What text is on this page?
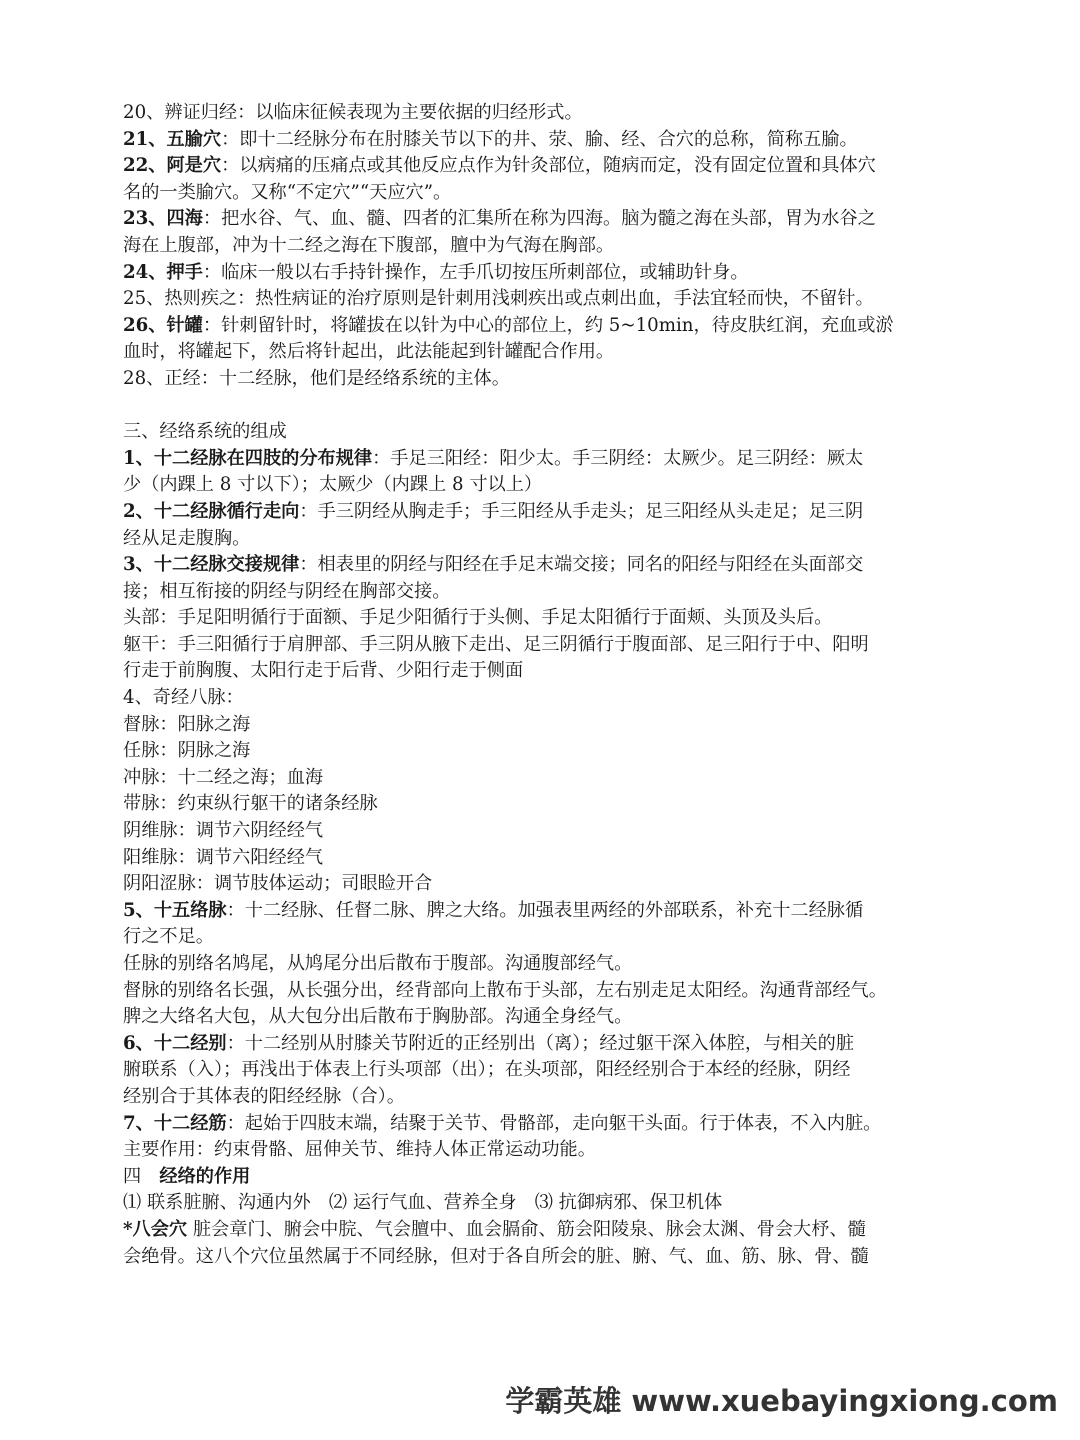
20、辨证归经：以临床征候表现为主要依据的归经形式。
21、五腧穴：即十二经脉分布在肘膝关节以下的井、荥、腧、经、合穴的总称，简称五腧。
22、阿是穴：以病痛的压痛点或其他反应点作为针灸部位，随病而定，没有固定位置和具体穴
名的一类腧穴。又称“不定穴”“天应穴”。
23、四海：把水谷、气、血、髓、四者的汇集所在称为四海。脑为髓之海在头部，胃为水谷之
海在上腹部，冲为十二经之海在下腹部，膻中为气海在胸部。
24、押手：临床一般以右手持针操作，左手爪切按压所刺部位，或辅助针身。
25、热则疾之：热性病证的治疗原则是针刺用浅刺疾出或点刺出血，手法宜轻而快，不留针。
26、针罐：针刺留针时，将罐拔在以针为中心的部位上，约 5~10min，待皮肤红润，充血或淤
血时，将罐起下，然后将针起出，此法能起到针罐配合作用。
28、正经：十二经脉，他们是经络系统的主体。
三、经络系统的组成
1、十二经脉在四肢的分布规律：手足三阳经：阳少太。手三阴经：太厥少。足三阴经：厥太
少（内踝上 8 寸以下）；太厥少（内踝上 8 寸以上）
2、十二经脉循行走向：手三阴经从胸走手；手三阳经从手走头；足三阳经从头走足；足三阴
经从足走腹胸。
3、十二经脉交接规律：相表里的阴经与阳经在手足末端交接；同名的阳经与阳经在头面部交
接；相互衔接的阴经与阴经在胸部交接。
头部：手足阳明循行于面额、手足少阳循行于头侧、手足太阳循行于面颊、头顶及头后。
躯干：手三阳循行于肩胛部、手三阴从腋下走出、足三阴循行于腹面部、足三阳行于中、阳明
行走于前胸腹、太阳行走于后背、少阳行走于侧面
4、奇经八脉：
督脉：阳脉之海
任脉：阴脉之海
冲脉：十二经之海；血海
带脉：约束纵行躯干的诸条经脉
阴维脉：调节六阴经经气
阳维脉：调节六阳经经气
阴阳涩脉：调节肢体运动；司眼睑开合
5、十五络脉：十二经脉、任督二脉、脾之大络。加强表里两经的外部联系，补充十二经脉循
行之不足。
任脉的别络名鸠尾，从鸠尾分出后散布于腹部。沟通腹部经气。
督脉的别络名长强，从长强分出，经背部向上散布于头部，左右别走足太阳经。沟通背部经气。
脾之大络名大包，从大包分出后散布于胸胁部。沟通全身经气。
6、十二经别：十二经别从肘膝关节附近的正经别出（离）；经过躯干深入体腔，与相关的脏
腑联系（入）；再浅出于体表上行头项部（出）；在头项部，阳经经别合于本经的经脉，阴经
经别合于其体表的阳经经脉（合）。
7、十二经筋：起始于四肢末端，结聚于关节、骨骼部，走向躯干头面。行于体表，不入内脏。
主要作用：约束骨骼、屈伸关节、维持人体正常运动功能。
四　经络的作用
⑴ 联系脏腑、沟通内外　⑵ 运行气血、营养全身　⑶ 抗御病邪、保卫机体
*八会穴 脏会章门、腑会中脘、气会膻中、血会膈俞、筋会阳陵泉、脉会太渊、骨会大杼、髓
会绝骨。这八个穴位虽然属于不同经脉，但对于各自所会的脏、腑、气、血、筋、脉、骨、髓
学霸英雄 www.xuebayingxiong.com
